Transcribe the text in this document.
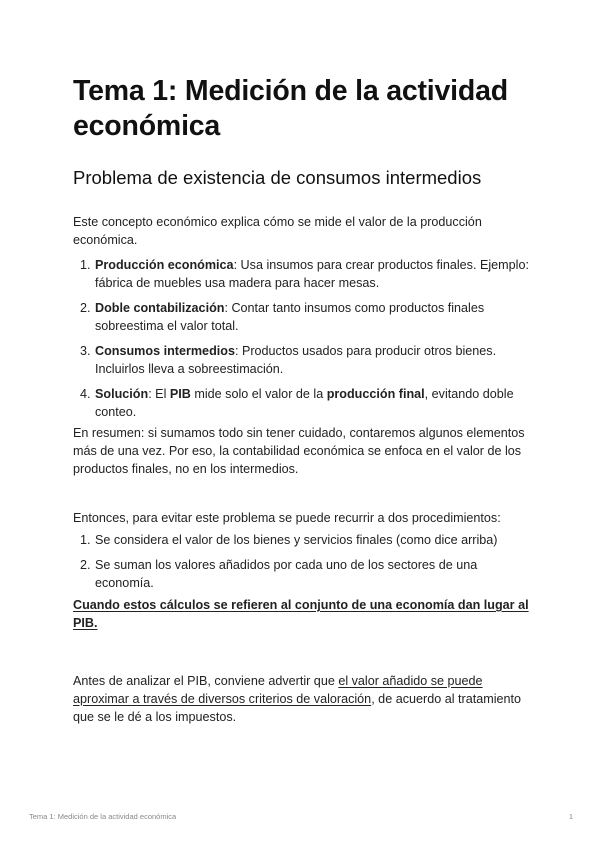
Tema 1: Medición de la actividad económica
Problema de existencia de consumos intermedios

Este concepto económico explica cómo se mide el valor de la producción económica.

1. Producción económica: Usa insumos para crear productos finales. Ejemplo: fábrica de muebles usa madera para hacer mesas.
2. Doble contabilización: Contar tanto insumos como productos finales sobreestima el valor total.
3. Consumos intermedios: Productos usados para producir otros bienes. Incluirlos lleva a sobreestimación.
4. Solución: El PIB mide solo el valor de la producción final, evitando doble conteo.

En resumen: si sumamos todo sin tener cuidado, contaremos algunos elementos más de una vez. Por eso, la contabilidad económica se enfoca en el valor de los productos finales, no en los intermedios.

Entonces, para evitar este problema se puede recurrir a dos procedimientos:

1. Se considera el valor de los bienes y servicios finales (como dice arriba)
2. Se suman los valores añadidos por cada uno de los sectores de una economía.

Cuando estos cálculos se refieren al conjunto de una economía dan lugar al PIB.

Antes de analizar el PIB, conviene advertir que el valor añadido se puede aproximar a través de diversos criterios de valoración, de acuerdo al tratamiento que se le dé a los impuestos.

Tema 1: Medición de la actividad económica	1
